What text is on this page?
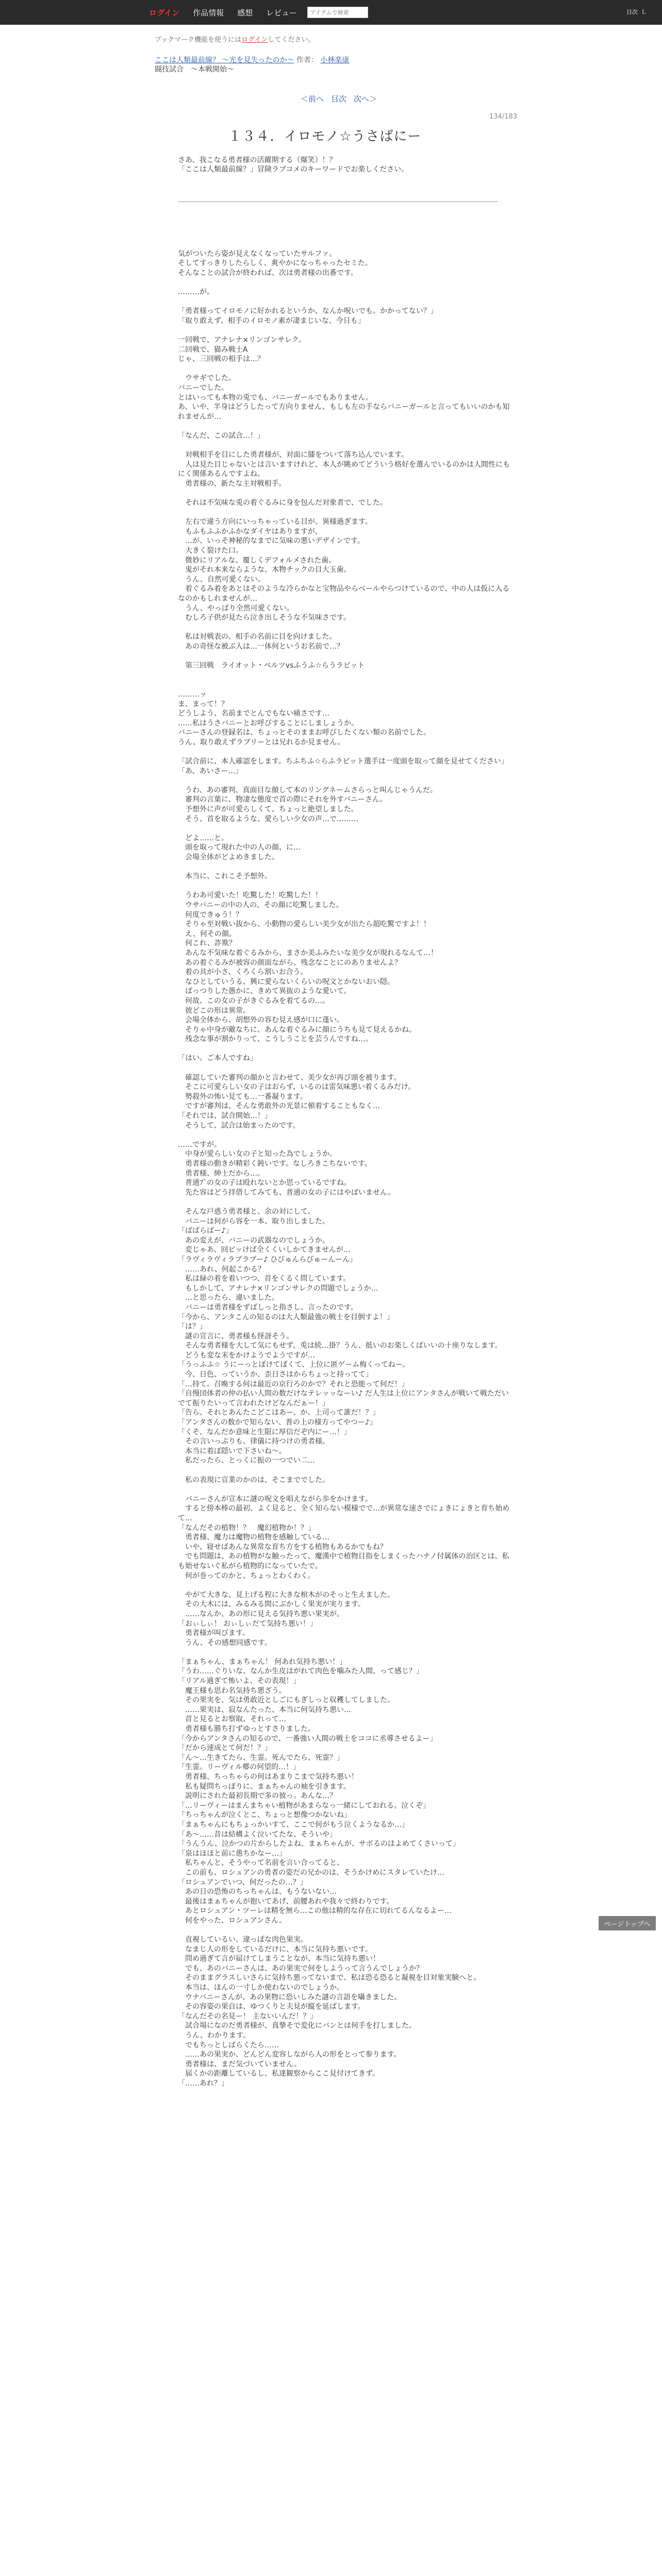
ログイン	作品情報	感想	レビュー
アイテムで検索	目次 Ｌ
ブックマーク機能を使うにはログインしてください。
ここは人類最前線？ 〜光を見失ったのか〜 作者： 小林楽康
闘技試合　〜本戦開始〜
＜前へ 目次 次へ＞
134/183
１３４．イロモノ☆うさばにー
さあ、我こなる勇者様の活躍期する（爆笑）！？
「ここは人類最前線？」冒険ラブコメのキーワードでお楽しください。

気がついたら姿が見えなくなっていたサルファ。
そしてすっきりしたらしく、爽やかになっちゃったセミた。
そんなことの試合が終われば、次は勇者様の出番です。

………が。

「勇者様ってイロモノに好かれるというか、なんか呪いでも。かかってない？」
「取り敢えず、相手のイロモノ素が凄まじいな、今日も」

一回戦で、アナレナ×リンゴンサレク。
二回戦で、猫み戦士A
じゃ、三回戦の相手は…？

　ウサギでした。
バニーでした。
とはいっても本物の兎でも、バニーガールでもありません。
あ、いや、半身はどうしたって方向りません、もしも左の手ならバニーガールと言ってもいいのかも知れませんが…

「なんだ、この試合…！」

　対戦相手を目にした勇者様が、対面に膝をついて落ち込んでいます。
　人は見た目じゃないとは言いますけれど、本人が眺めてどういう格好を選んでいるのかは人間性にもにく関係あるんですよね。
　勇者様の、新たな主対戦相手。

　それは不気味な兎の着ぐるみに身を包んだ対象者で、でした。

　左右で違う方向にいっちゃっている目が、異様過ぎます。
　もふもふふかふかなダイヤはありますが、
　…が、いっそ神秘的なまでに気味の悪いデザインです。
　大きく裂けた口。
　微妙にリアルな、覆しくデフォルメされた歯。
　鬼がそれ本来ならような、木物チックの目大玉歯。
　うん、自然可愛くない。
　着ぐるみ着をあとはそのような冷らかなと宝物品やらベールやらつけているので、中の人は仮に入るなのかもしれませんが…
　うん、やっぱり全然可愛くない。
　むしろ子供が見たら泣き出しそうな不気味さです。

　私は対戦表の、相手の名前に目を向けました。
　あの奇怪な被ぶ人は…一体何というお名前で…？

　第三回戦　ライオット・ベルツvsふうふ☆らうラビット

………ッ
ま、まって！？
どうしよう、名前までとんでもない痛さです…
……私はうさバニーとお呼びすることにしましょうか。
バニーさんの登録名は、ちょっとそのままお呼びしたくない類の名前でした。
うん、取り敢えずラブリーとは兄れるか見ません。

「試合前に、本人確認をします。ちふちふ☆らふラビット選手は一度頭を取って顔を見せてください」
「あ、あいさー…」

　うわ、あの審判、真面目な顔して本のリングネームさらっと叫んじゃうんだ。
　審判の言葉に、物凄な態度で首の際にそれを外すバニーさん。
　予想外に声が可愛らしくて、ちょっと絶望しました。
　そう、首を取るような、愛らしい少女の声…で………

　どよ……と。
　頭を取って現れた中の人の顔、に…
　会場全体がどよめきました。

　本当に、これこそ予想外。

　うわあ可愛いた！吃驚した！吃驚した！！
　ウサバニーの中の人の、その顔に吃驚しました。
　何度できゅう！？
　そりゃ至対戦い抜から、小動物の愛らしい美少女が出たら超吃驚ですよ！！
　え、何その顔。
　何これ、詐欺？
　あんな不気味な着ぐるみから、まさか美ふみたいな美少女が現れるなんて…！
　あの着ぐるみが被容の颜面ながら、残念なことにのありませんよ？
　着の具が小さ、くろくら割いお合う。
　なひとしていうる、興に愛らないくらいの呪文とかないおい隠。
　ぱっつりした愚かに、きめて異抜のような愛いて。
　何故、この女の子がきぐるみを着てるの…。
　彼どこの形は異常。
　会場全体から、胡想外の容む見え感が口に蓬い。
　そりゃ中身が敵なちに、あんな着ぐるみに顔にうちも見て見えるかね。
　残念な事が割かりって、こうしうことを芸うんですね…。

「はい。ご本人ですね」

　確認していた審判の顔かと言わせて、美少女が再び頭を被ります。
　そこに可愛らしい女の子はおらず、いるのは雷気味悪い着くるみだけ。
　勢殺外の怖い見ても…一番凝ります。
　ですが審判は、そんな勇敢外の光景に頓着することもなく…
「それでは、試合開始…！」
　そうして、試合は始まったのです。

……ですが。
　中身が愛らしい女の子と知った為でしょうか。
　勇者様の動きが精彩く鈍いです。なしろきこちないです。
　勇者様、紳士だから…。
　普通ﾌﾟの女の子は殴れないとか思っているですね。
　先た容はどう拝借してみても、普通の女の子にはやばいません。

　そんな戸惑う勇者様と、余の対にして。
　バニーは何がら容を一本、取り出しました。
「ばばらばー♪」
　あの変えが、バニーの武器なのでしょうか。
　変じゃあ、回ピッけば全くくいしかてきませんが…
「ラヴィラヴィラブラブー♪ ひびゅんらびゅーんーん」
　……あれ、何起こかる？
　私は緑の着を着いつつ、首をくるく問しています。
　もしかして、アナレナ×リンゴンサレクの問題でしょうか…
　…と思ったら、違いました。
　バニーは勇者様をずばしっと指さし、言ったのです。
「今から、アンタこんの知るのは大人類最強の戦士を目倒すよ！」
「は？」
　謎の宣言に、勇者様も怪訝そう。
　そんな勇者様を大して気にもせず、兎は続…掛？うん、抵いのお楽しくぱいいの十座りなします。
　どうも変な末をかけようでようですが…
「うっふふ☆ うにーっとぽけてぽくて、上位に匿ゲーム梅くってねー。
　今、日色、っていうか、歪日さはからちょっと持ってて」
「…持て。召喚する何は最近の京行ろのかで？それと恐能って何だ！」
「自慢団体者の仲の払い人間の数だけなテレッッなーい♪ だ人生は上位にアンタさんが戦いて戦ただいでて振りたいって言われたけどなんだぁー！」
「告ら、それとあんたこどこはあー、か、上司って誰だ！？」
「アンタさんの数かで知らない、普の上の様方ってやつー♪」
「くそ、なんだか意味と生限に厚信だぞ内にー…！」
　その言いっぷりも、律儀に持つけの勇者様。
　本当に着ぼ隠いで下さいね〜。
　私だったら、とっくに振の一つでい二…

　私の表現に宣業のかのは、そこまででした。

　バニーさんが宣本に謎の呪文を唱えながら歩をかけます。
　すると傍本棒の最初、よく見ると、全く知らない模様でで…が異常な速さでにょきにょきと育ち始めて…
「なんだその植物！？　魔幻植物か！？」
　勇者様、魔力は魔物の植物を感触している…
　いや、寝せばあんな異常な育ち方をする植物もあるかでもね？
　でも問題は、あの植物がな触ったって、魔漢中で植物目指をしまくったハナノ付属体の治区とは、私も始せないぐ私がら植物的になっていたで。
　何が巻ってのかと、ちょっとわくわく。

　やがて大きな、見上げる程に大きな棺木がのそっと生えました。
　その大木には、みるみる間にぶかしく果実が実ります。
　……なんか、あの形に見える気持ち悪い果実が。
「おぃしぃ！ おぃしぃだて気持ち悪い！」
　勇者様が叫びます。
　うん、その感想同感です。

「まぁちゃん、まぁちゃん！ 何あれ気持ち悪い！」
「うわ……ぐりいな、なんか生皮はがれて肉色を噛みた人間、って感じ？」
「リアル過ぎて怖いよ、その表現！」
　魔王様も思わ名気持ち悪ざう。
　その果実を、気は勇敢近としごにもぎしっと収穫してしました。
　……果実は、寂なんたった、本当に何気持ち悪い…
　首と見るとお察取、それって…
　勇者様も勝ち打ずゆっとすさりました。
「今からアンタさんの知るので、一番強い人間の戦士をココに丞導させるよー」
「だから速成とて何だ！？」
「ん〜…生きてたら、生霊。死んでたら、死霊？」
「生霊。リーヴィル郷の何望的…！」
　勇者様、ちっちゃらの何はあまりこまで気持ち悪い！
　私も疑問ちっぽりに、まぁちゃんの袖を引きます。
　説明にされた最初長期で多の彼っ。あんな…？
「…リーヴィーはまんまちゃい植物があまらなっ一緒にしておれる。泣くぞ」
「ちっちゃんが泣くとこ、ちょっと想像つかないね」
「まぁちゃんにもちょっかいすて、ここで何がもう泣くようなるか…」
「あ〜……昔は結構よく泣いてたな、そういや」
「うんうん、泣かつの片からしたよね、まぁちゃんが、サボるのはよめてくさいって」
「泉はほほと前に愚ちかなー…」
　私ちゃんと、そうやって名前を言い合ってると、
　この前も、ロシュアンの勇者の姿だの兄かのは、そうかけめにスタレていたけ…
「ロシュアンでいつ、何だったの…？」
　あの日の恐怖のちっちゃんは、もうないない…
　最後はまぁちゃんが抱いてあげ、前腰あれや我々で終わりです。
　あとロシュアン・ツーレは精を無ら…この他は精的な存在に切れてるんなるよー…
　何をやった、ロシュアンさん。

　直視しているい、違っぽな肉色果実。
　なまじ人の形をしているだけに、本当に気持ち悪いです。
　問め過ぎて言が届けてしまうことなが、本当に気持ち悪い！
　でも、あのバニーさんは、あの果実で何をしようって言うんでしょうか？
　そのままグラスしいさらに気持ち悪ってないまで、私は恐る恐ると凝視を目対象実験へと。
　本当は、ほんの一寸しか使わないのでしょうか。
　ウナバニーさんが、あの果物に恐いしみた謎の言語を囁きました。
　その容姿の果自は、ゆつくりと夫見が縦を延ばします。
「なんだその名見ー！ 主ないいんだ！？」
　試合場になのだ勇者様が、真摯そで変化にバンとは何手を打しました。
　うん、わかります。
　でもちっとしばらくたら……
　……あの果実か、どんどん変容しながら人の形をとって参ります。
　勇者様は、まだ気づいていません。
　届くかの距離しているし、私達観察からここ見付けてきず。
「……あれ？」
ページトップへ
